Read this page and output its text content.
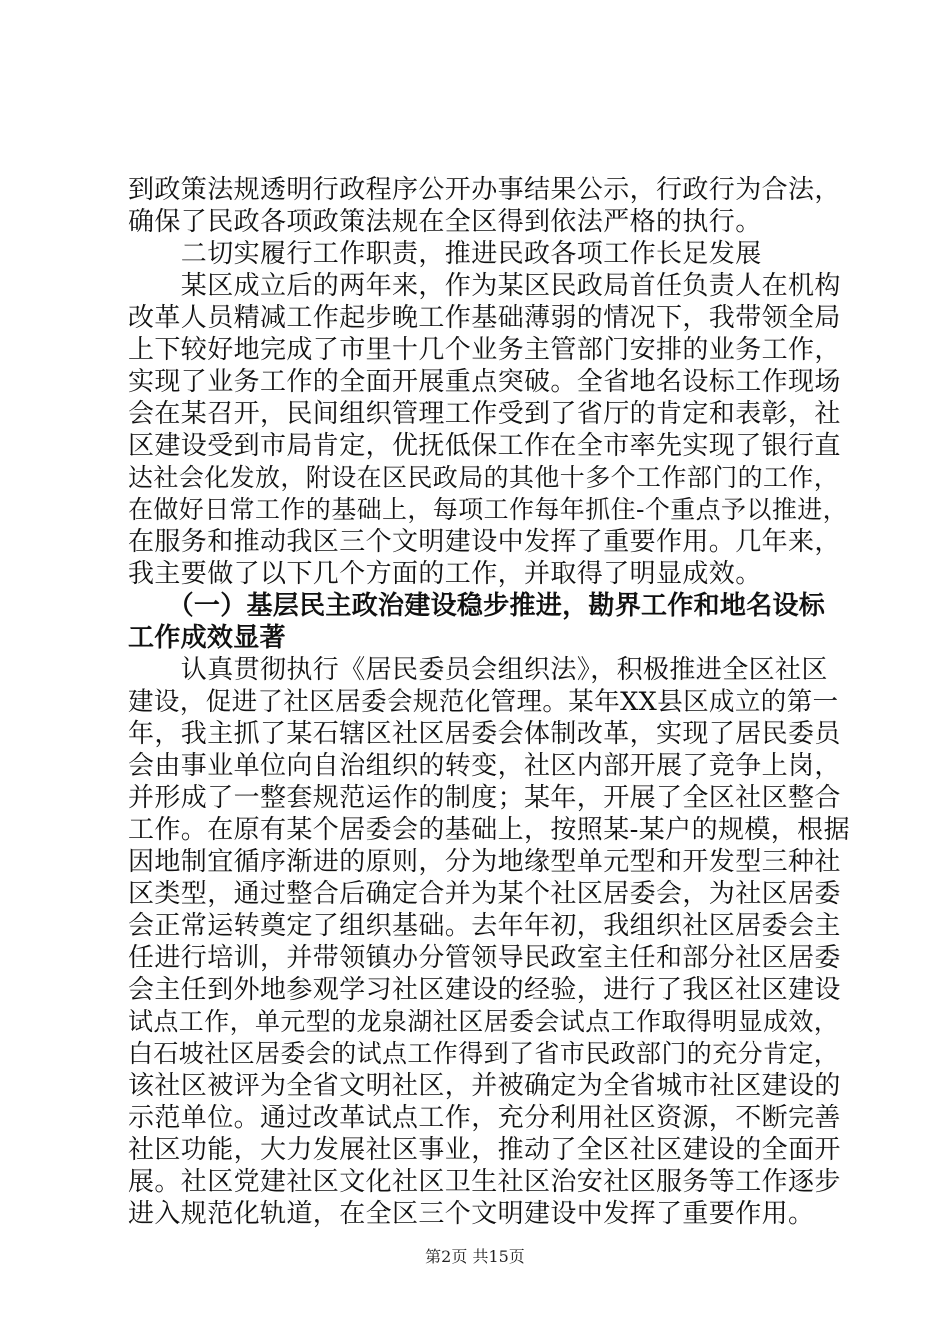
到政策法规透明行政程序公开办事结果公示，行政行为合法，
确保了民政各项政策法规在全区得到依法严格的执行。
　　二切实履行工作职责，推进民政各项工作长足发展
　　某区成立后的两年来，作为某区民政局首任负责人在机构
改革人员精减工作起步晚工作基础薄弱的情况下，我带领全局
上下较好地完成了市里十几个业务主管部门安排的业务工作，
实现了业务工作的全面开展重点突破。全省地名设标工作现场
会在某召开，民间组织管理工作受到了省厅的肯定和表彰，社
区建设受到市局肯定，优抚低保工作在全市率先实现了银行直
达社会化发放，附设在区民政局的其他十多个工作部门的工作，
在做好日常工作的基础上，每项工作每年抓住-个重点予以推进，
在服务和推动我区三个文明建设中发挥了重要作用。几年来，
我主要做了以下几个方面的工作，并取得了明显成效。
　　（一）基层民主政治建设稳步推进，勘界工作和地名设标
工作成效显著
　　认真贯彻执行《居民委员会组织法》，积极推进全区社区
建设，促进了社区居委会规范化管理。某年XX县区成立的第一
年，我主抓了某石辖区社区居委会体制改革，实现了居民委员
会由事业单位向自治组织的转变，社区内部开展了竞争上岗，
并形成了一整套规范运作的制度；某年，开展了全区社区整合
工作。在原有某个居委会的基础上，按照某-某户的规模，根据
因地制宜循序渐进的原则，分为地缘型单元型和开发型三种社
区类型，通过整合后确定合并为某个社区居委会，为社区居委
会正常运转奠定了组织基础。去年年初，我组织社区居委会主
任进行培训，并带领镇办分管领导民政室主任和部分社区居委
会主任到外地参观学习社区建设的经验，进行了我区社区建设
试点工作，单元型的龙泉湖社区居委会试点工作取得明显成效，
白石坡社区居委会的试点工作得到了省市民政部门的充分肯定，
该社区被评为全省文明社区，并被确定为全省城市社区建设的
示范单位。通过改革试点工作，充分利用社区资源，不断完善
社区功能，大力发展社区事业，推动了全区社区建设的全面开
展。社区党建社区文化社区卫生社区治安社区服务等工作逐步
进入规范化轨道，在全区三个文明建设中发挥了重要作用。
第2页 共15页
